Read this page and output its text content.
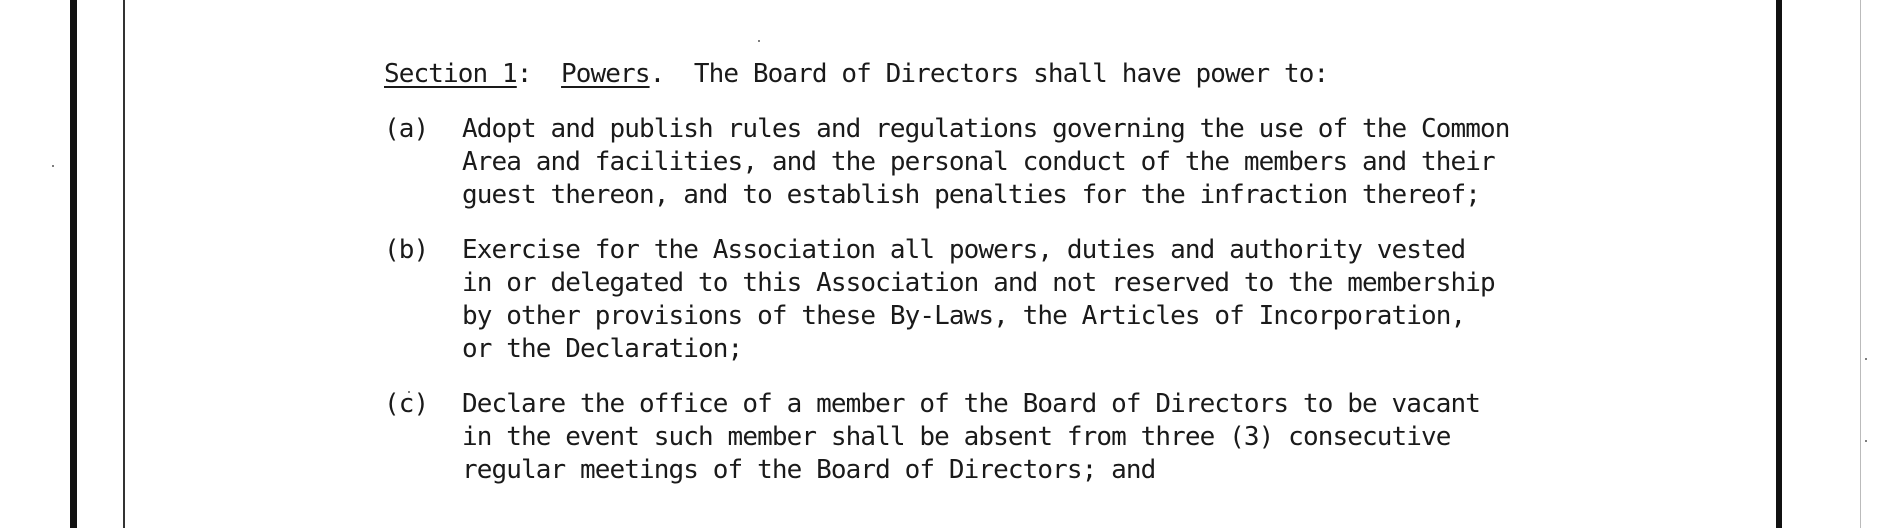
Section 1:  Powers.  The Board of Directors shall have power to:
(a)	Adopt and publish rules and regulations governing the use of the Common
Area and facilities, and the personal conduct of the members and their
guest thereon, and to establish penalties for the infraction thereof;
(b)	Exercise for the Association all powers, duties and authority vested
in or delegated to this Association and not reserved to the membership
by other provisions of these By-Laws, the Articles of Incorporation,
or the Declaration;
(c)	Declare the office of a member of the Board of Directors to be vacant
in the event such member shall be absent from three (3) consecutive
regular meetings of the Board of Directors; and
